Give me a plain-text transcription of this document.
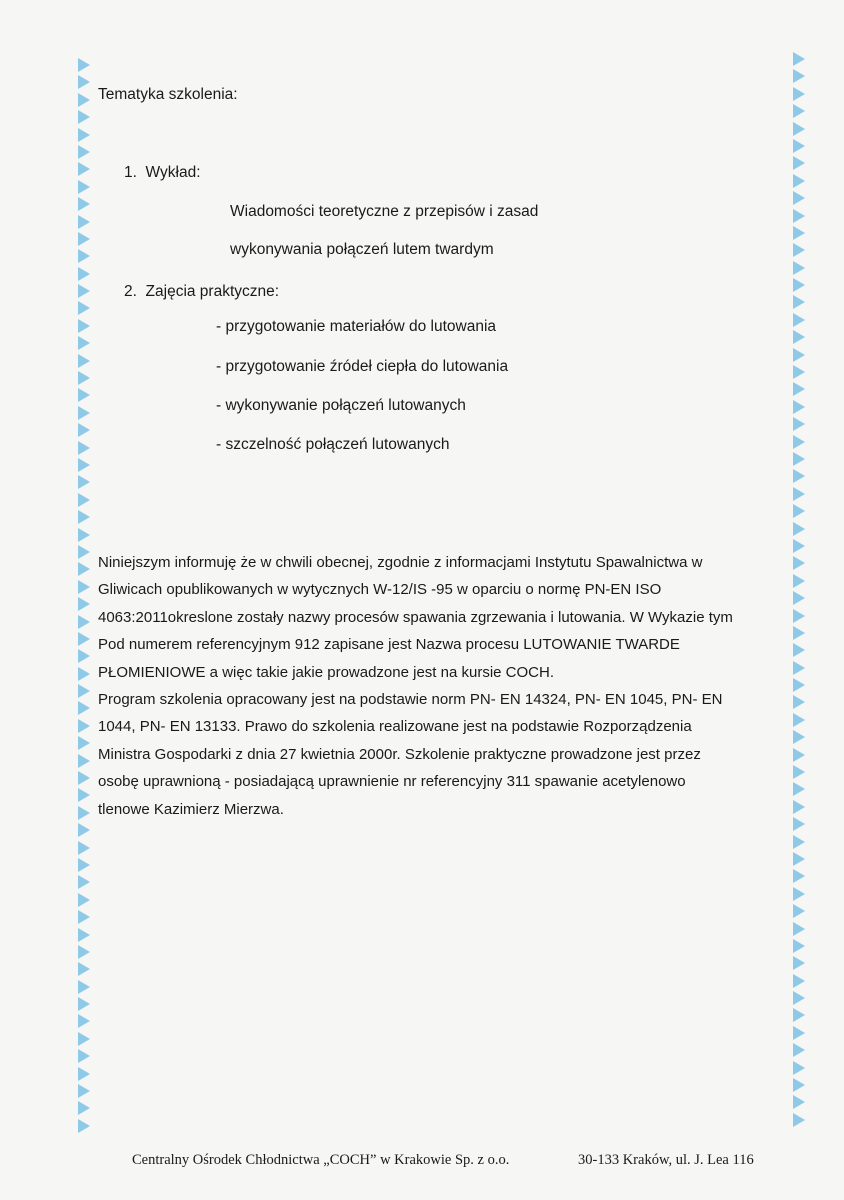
Tematyka szkolenia:
1.  Wykład:
Wiadomości teoretyczne z przepisów i zasad
wykonywania połączeń lutem twardym
2.  Zajęcia praktyczne:
- przygotowanie materiałów do lutowania
- przygotowanie źródeł ciepła do lutowania
- wykonywanie połączeń lutowanych
- szczelność połączeń lutowanych

Niniejszym informuję że w chwili obecnej, zgodnie z informacjami Instytutu Spawalnictwa w

Gliwicach opublikowanych w wytycznych W-12/IS -95 w oparciu o normę PN-EN ISO

4063:2011okreslone zostały nazwy procesów spawania zgrzewania i lutowania. W Wykazie tym

Pod numerem referencyjnym 912 zapisane jest Nazwa procesu LUTOWANIE TWARDE

PŁOMIENIOWE a więc takie jakie prowadzone jest na kursie COCH.

Program szkolenia opracowany jest na podstawie norm PN- EN 14324, PN- EN 1045, PN- EN

1044, PN- EN 13133. Prawo do szkolenia realizowane jest na podstawie Rozporządzenia

Ministra Gospodarki z dnia 27 kwietnia 2000r. Szkolenie praktyczne prowadzone jest przez

osobę uprawnioną - posiadającą uprawnienie nr referencyjny 311 spawanie acetylenowo

tlenowe Kazimierz Mierzwa.

Centralny Ośrodek Chłodnictwa „COCH” w Krakowie Sp. z o.o.	30-133 Kraków, ul. J. Lea 116
